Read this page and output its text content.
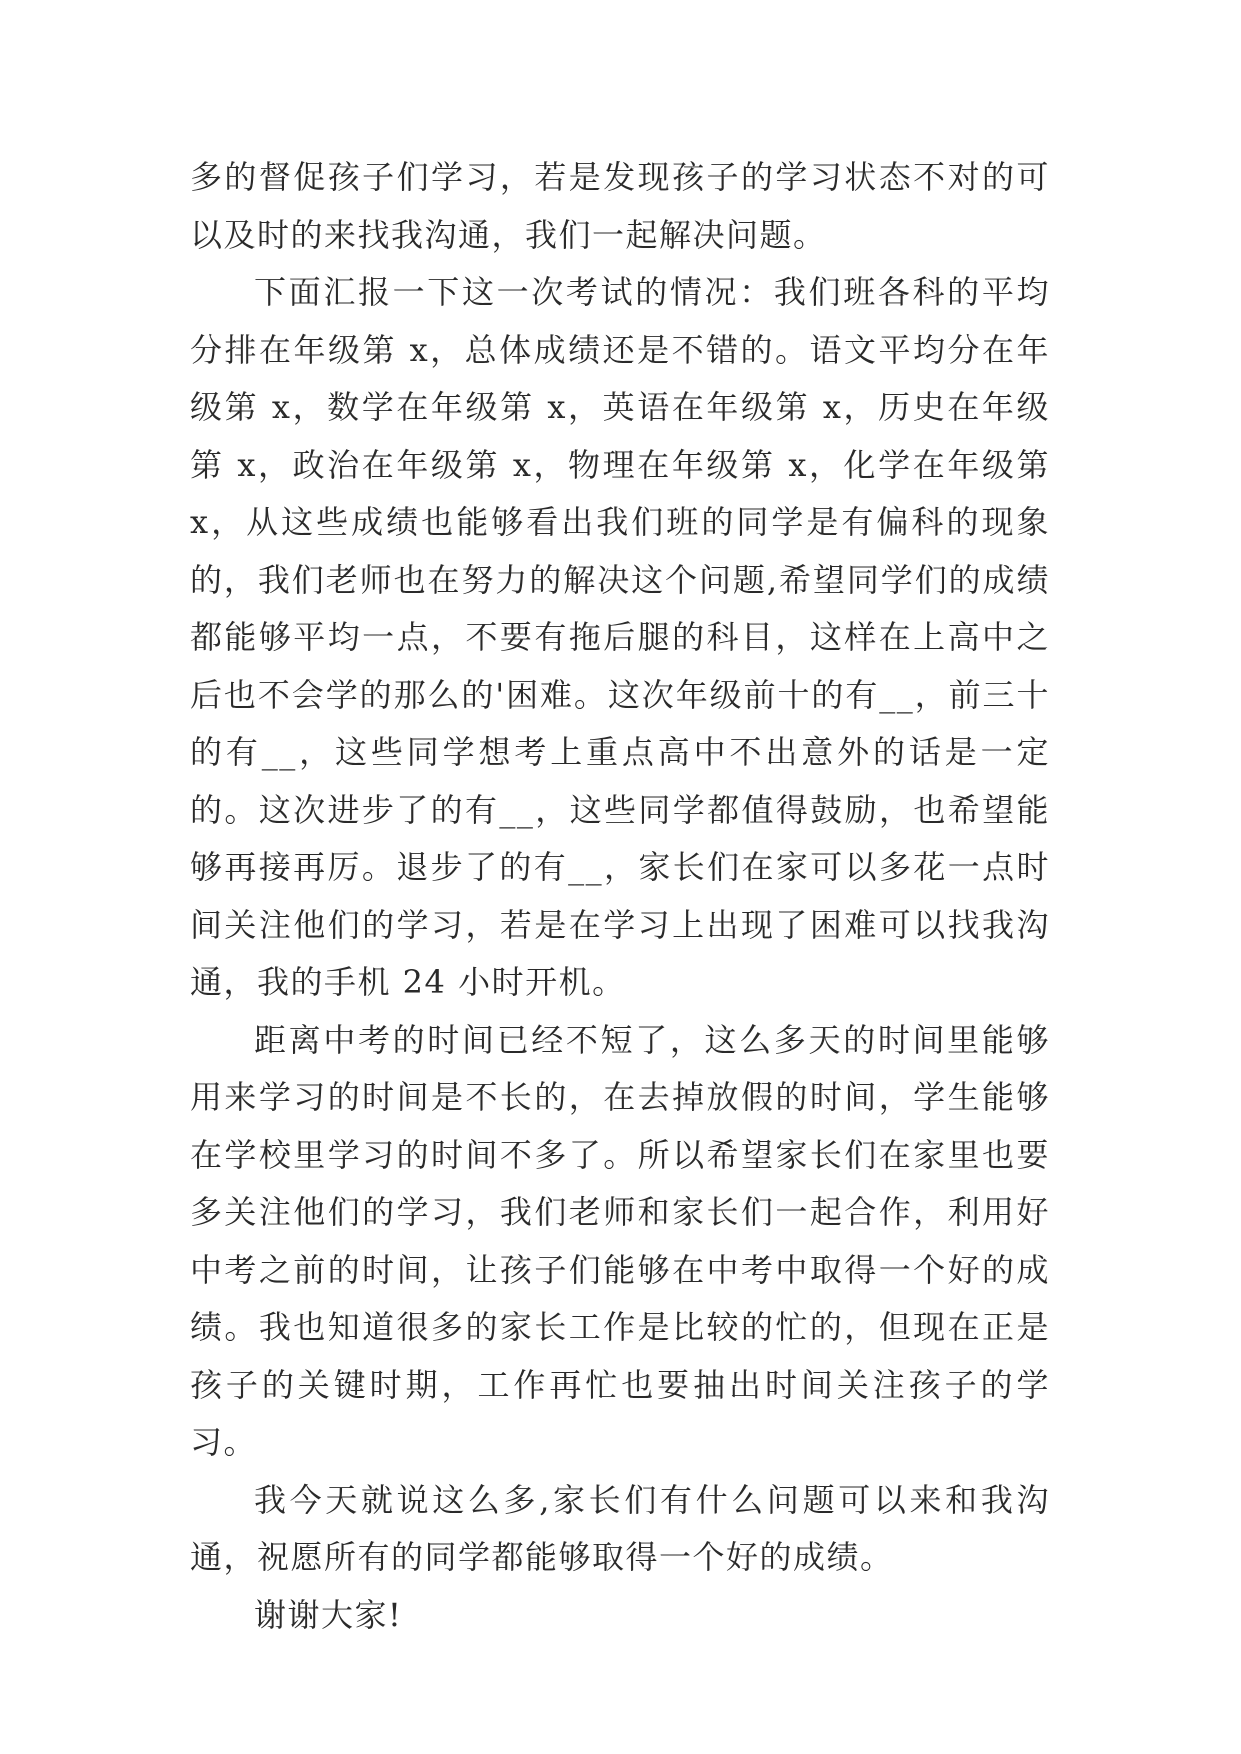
多的督促孩子们学习，若是发现孩子的学习状态不对的可以及时的来找我沟通，我们一起解决问题。

下面汇报一下这一次考试的情况：我们班各科的平均分排在年级第 x，总体成绩还是不错的。语文平均分在年级第 x，数学在年级第 x，英语在年级第 x，历史在年级第 x，政治在年级第 x，物理在年级第 x，化学在年级第 x，从这些成绩也能够看出我们班的同学是有偏科的现象的，我们老师也在努力的解决这个问题,希望同学们的成绩都能够平均一点，不要有拖后腿的科目，这样在上高中之后也不会学的那么的'困难。这次年级前十的有__，前三十的有__，这些同学想考上重点高中不出意外的话是一定的。这次进步了的有__，这些同学都值得鼓励，也希望能够再接再厉。退步了的有__，家长们在家可以多花一点时间关注他们的学习，若是在学习上出现了困难可以找我沟通，我的手机 24 小时开机。

距离中考的时间已经不短了，这么多天的时间里能够用来学习的时间是不长的，在去掉放假的时间，学生能够在学校里学习的时间不多了。所以希望家长们在家里也要多关注他们的学习，我们老师和家长们一起合作，利用好中考之前的时间，让孩子们能够在中考中取得一个好的成绩。我也知道很多的家长工作是比较的忙的，但现在正是孩子的关键时期，工作再忙也要抽出时间关注孩子的学习。

我今天就说这么多,家长们有什么问题可以来和我沟通，祝愿所有的同学都能够取得一个好的成绩。

谢谢大家!
